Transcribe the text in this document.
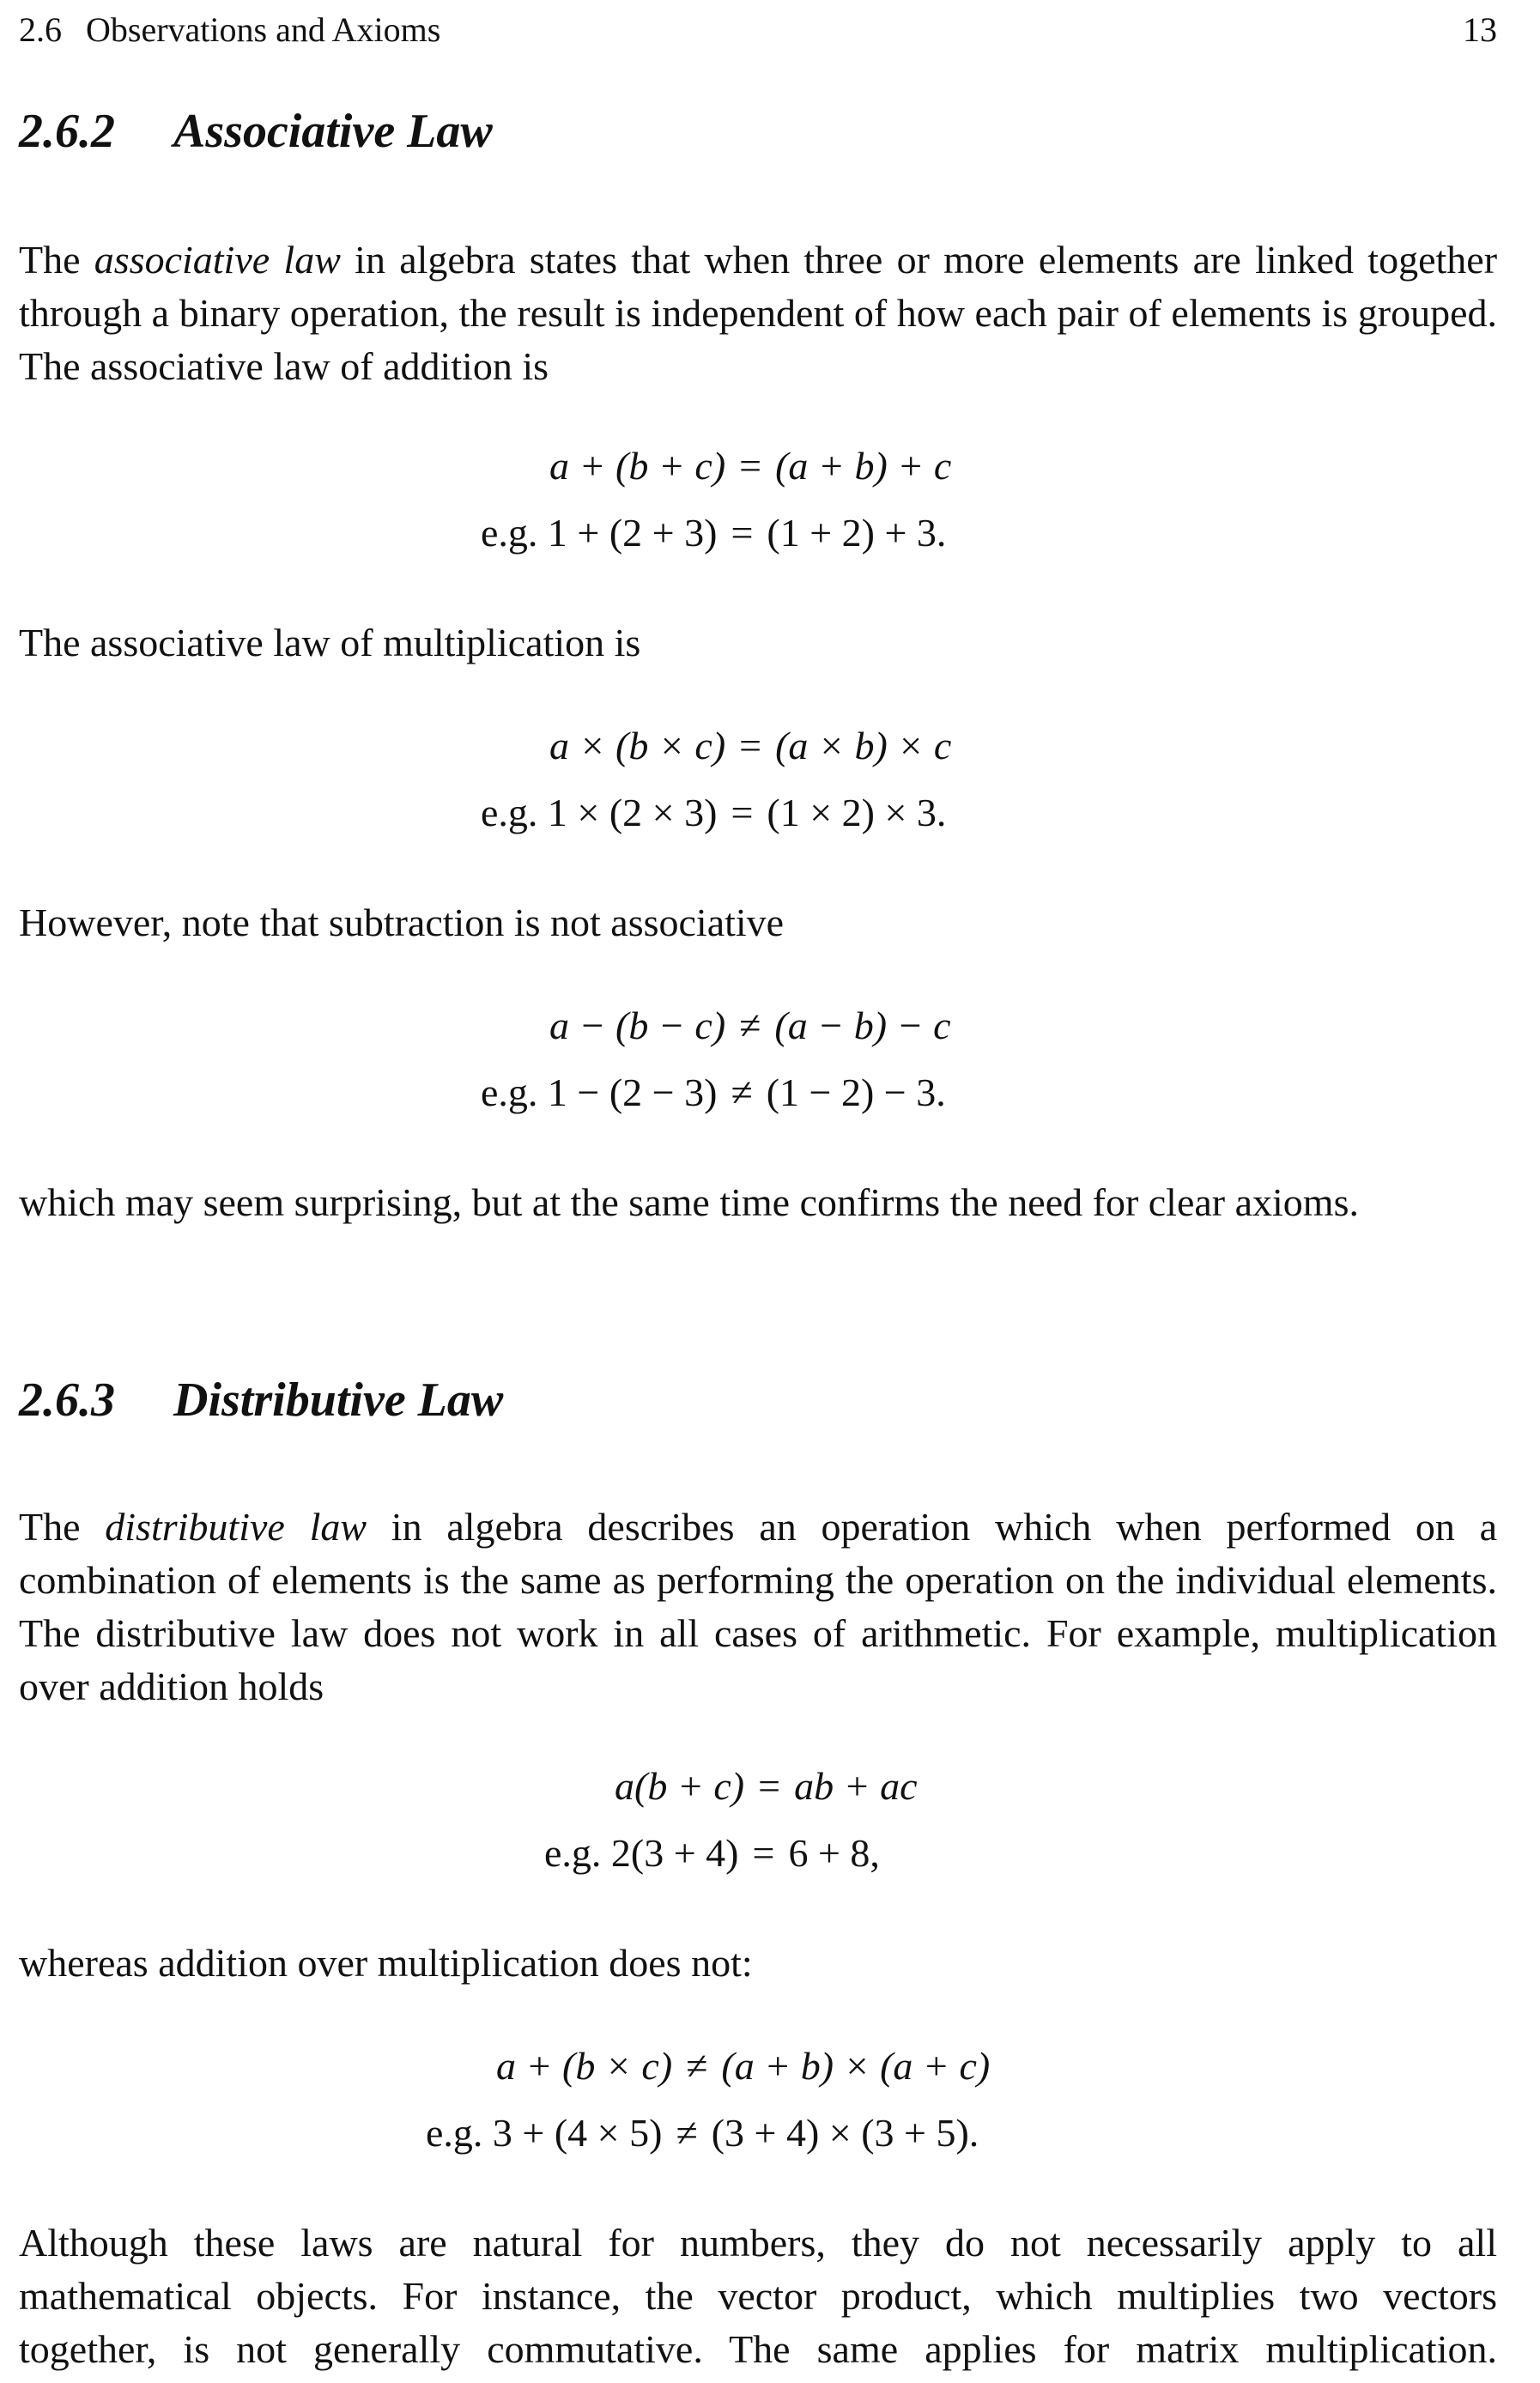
2.6 Observations and Axioms	13
2.6.2 Associative Law

The associative law in algebra states that when three or more elements are linked together through a binary operation, the result is independent of how each pair of elements is grouped. The associative law of addition is

a + (b + c) = (a + b) + c
e.g. 1 + (2 + 3) = (1 + 2) + 3.

The associative law of multiplication is

a × (b × c) = (a × b) × c
e.g. 1 × (2 × 3) = (1 × 2) × 3.

However, note that subtraction is not associative

a − (b − c) ≠ (a − b) − c
e.g. 1 − (2 − 3) ≠ (1 − 2) − 3.

which may seem surprising, but at the same time confirms the need for clear axioms.

2.6.3 Distributive Law

The distributive law in algebra describes an operation which when performed on a combination of elements is the same as performing the operation on the individual elements. The distributive law does not work in all cases of arithmetic. For example, multiplication over addition holds

a(b + c) = ab + ac
e.g. 2(3 + 4) = 6 + 8,

whereas addition over multiplication does not:

a + (b × c) ≠ (a + b) × (a + c)
e.g. 3 + (4 × 5) ≠ (3 + 4) × (3 + 5).

Although these laws are natural for numbers, they do not necessarily apply to all mathematical objects. For instance, the vector product, which multiplies two vectors together, is not generally commutative. The same applies for matrix multiplication.
